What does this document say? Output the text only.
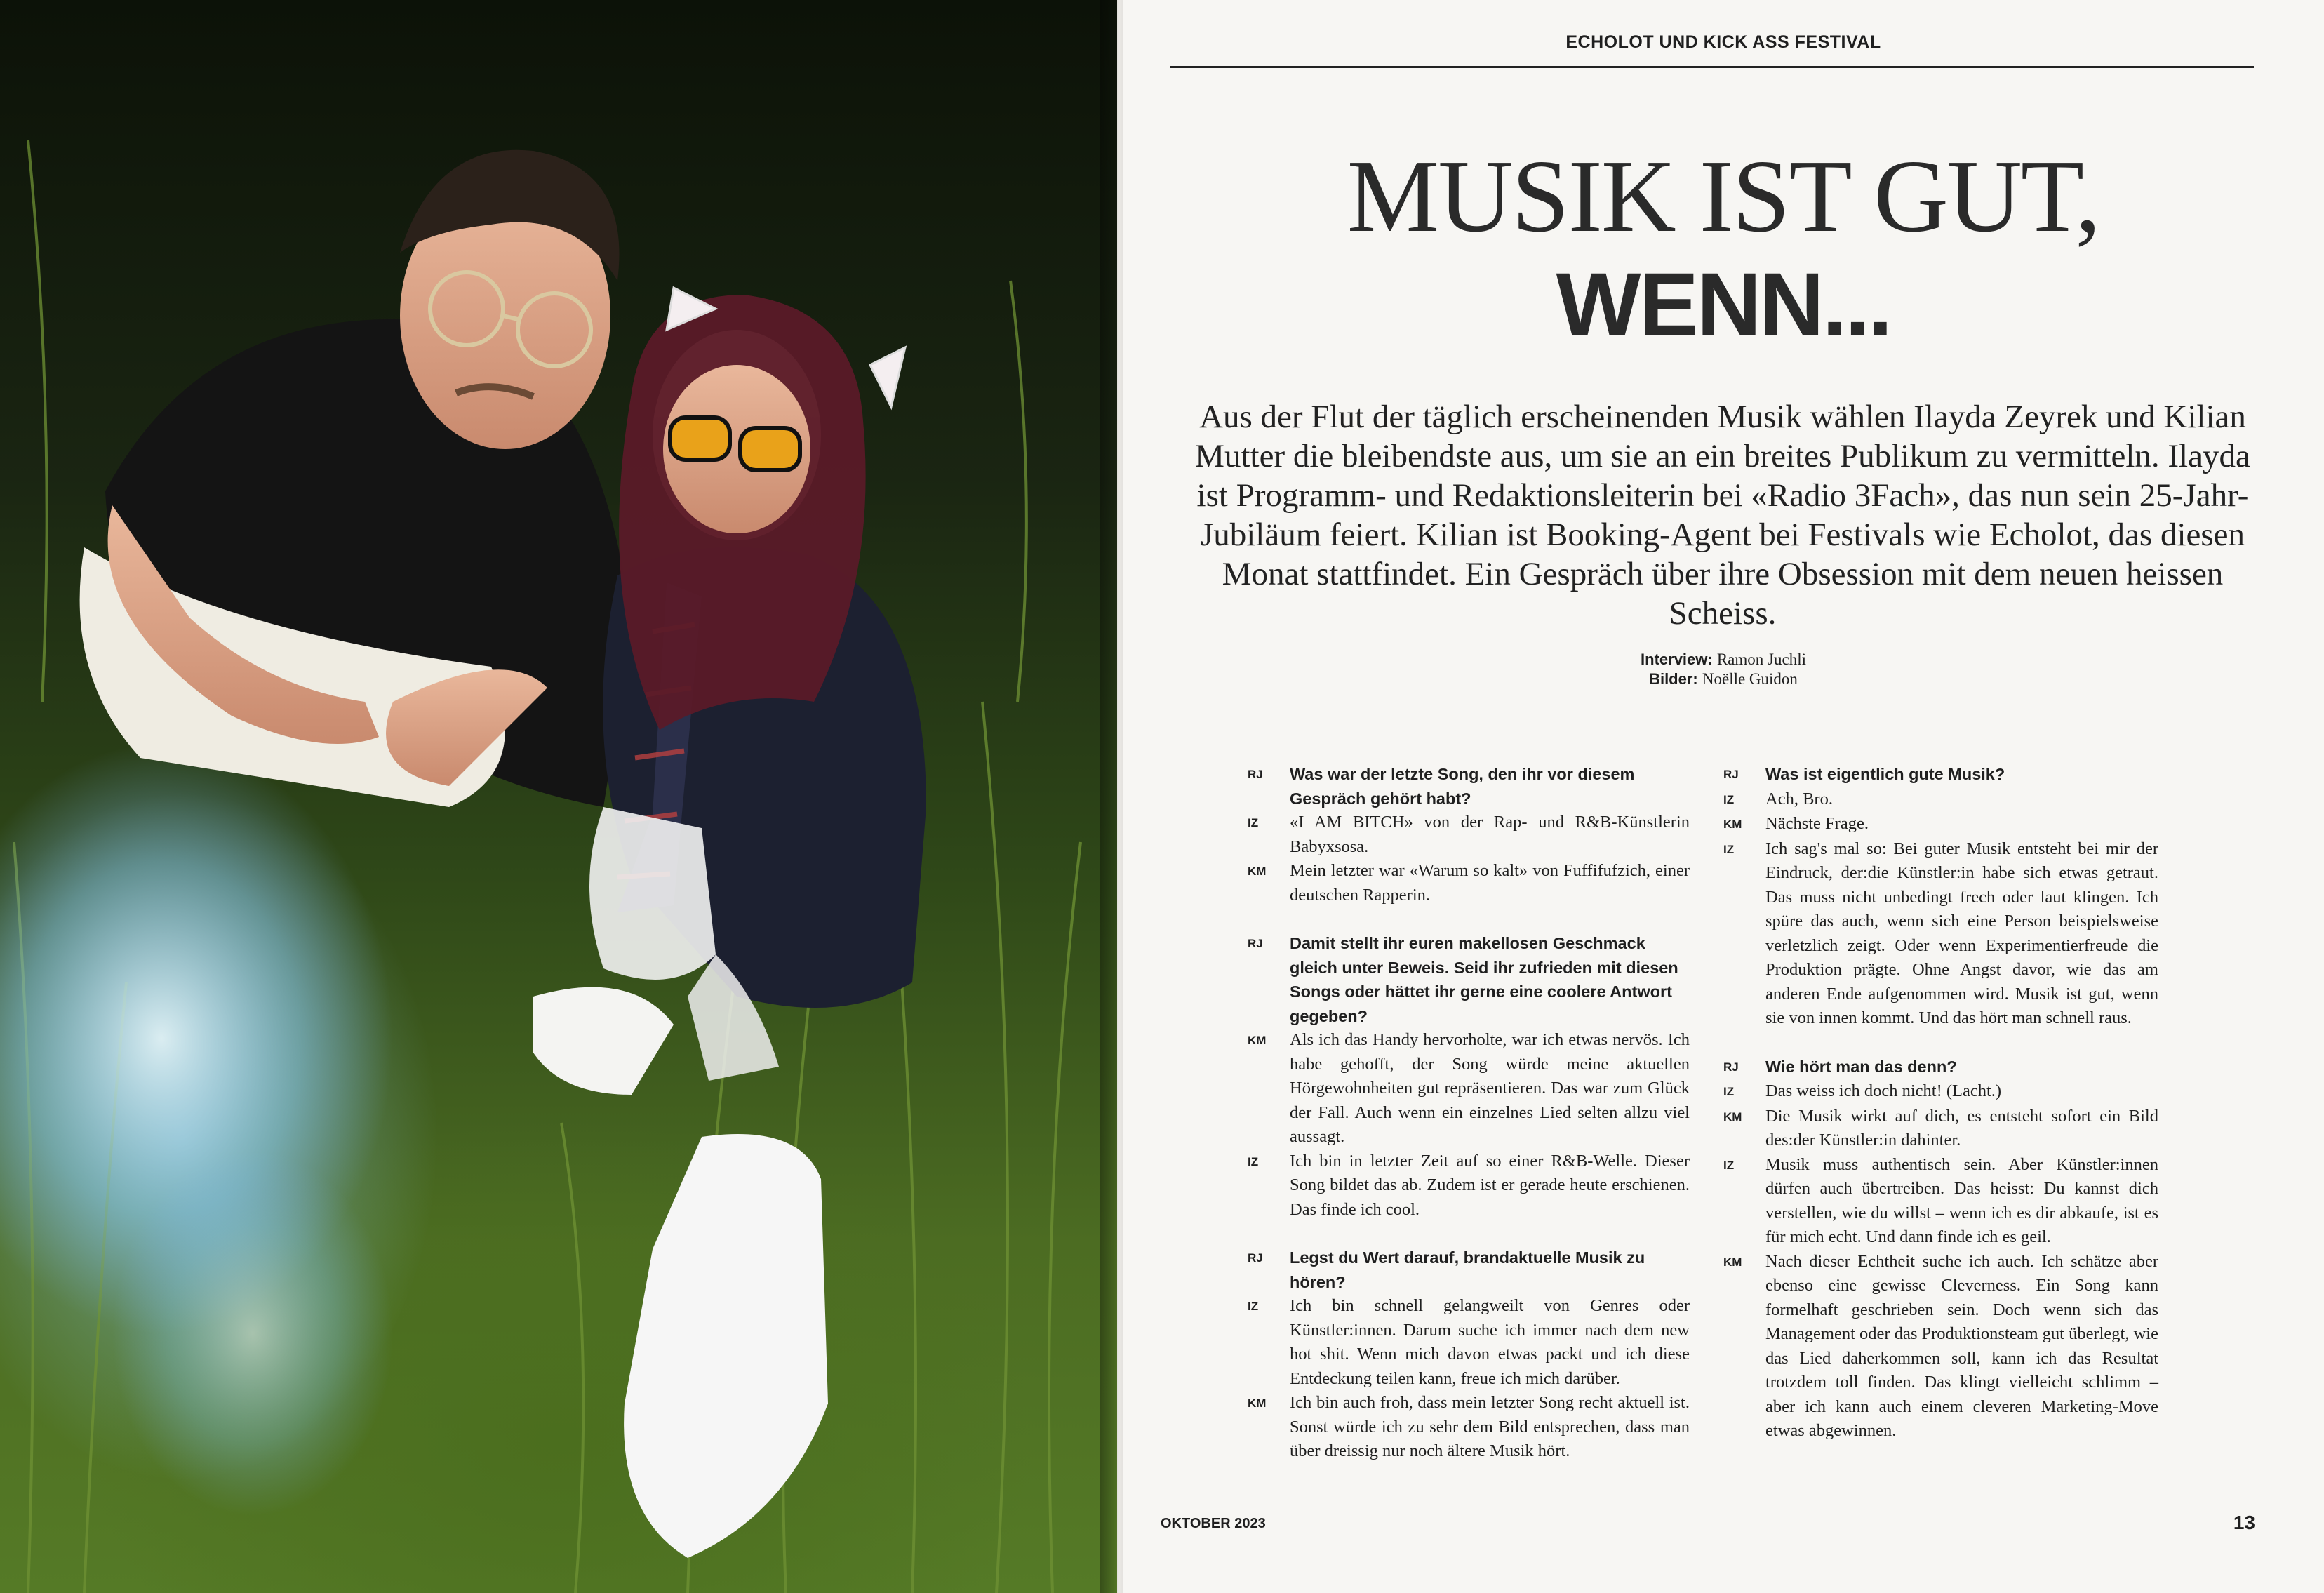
ECHOLOT UND KICK ASS FESTIVAL
MUSIK IST GUT,
WENN...

Aus der Flut der täglich erscheinenden Musik wählen Ilayda Zeyrek und Kilian Mutter die bleibendste aus, um sie an ein breites Publikum zu vermitteln. Ilayda ist Programm- und Redaktionsleiterin bei «Radio 3Fach», das nun sein 25-Jahr-Jubiläum feiert. Kilian ist Booking-Agent bei Festivals wie Echolot, das diesen Monat stattfindet. Ein Gespräch über ihre Obsession mit dem neuen heissen Scheiss.

Interview: Ramon Juchli
Bilder: Noëlle Guidon
RJ	Was war der letzte Song, den ihr vor diesem Gespräch gehört habt?
IZ	«I AM BITCH» von der Rap- und R&B-Künstlerin Babyxsosa.
KM	Mein letzter war «Warum so kalt» von Fuffifufzich, einer deutschen Rapperin.
RJ	Damit stellt ihr euren makellosen Geschmack gleich unter Beweis. Seid ihr zufrieden mit diesen Songs oder hättet ihr gerne eine coolere Antwort gegeben?
KM	Als ich das Handy hervorholte, war ich etwas nervös. Ich habe gehofft, der Song würde meine aktuellen Hörgewohnheiten gut repräsentieren. Das war zum Glück der Fall. Auch wenn ein einzelnes Lied selten allzu viel aussagt.
IZ	Ich bin in letzter Zeit auf so einer R&B-Welle. Dieser Song bildet das ab. Zudem ist er gerade heute erschienen. Das finde ich cool.
RJ	Legst du Wert darauf, brandaktuelle Musik zu hören?
IZ	Ich bin schnell gelangweilt von Genres oder Künstler:innen. Darum suche ich immer nach dem new hot shit. Wenn mich davon etwas packt und ich diese Entdeckung teilen kann, freue ich mich darüber.
KM	Ich bin auch froh, dass mein letzter Song recht aktuell ist. Sonst würde ich zu sehr dem Bild entsprechen, dass man über dreissig nur noch ältere Musik hört.
RJ	Was ist eigentlich gute Musik?
IZ	Ach, Bro.
KM	Nächste Frage.
IZ	Ich sag's mal so: Bei guter Musik entsteht bei mir der Eindruck, der:die Künstler:in habe sich etwas getraut. Das muss nicht unbedingt frech oder laut klingen. Ich spüre das auch, wenn sich eine Person beispielsweise verletzlich zeigt. Oder wenn Experimentierfreude die Produktion prägte. Ohne Angst davor, wie das am anderen Ende aufgenommen wird. Musik ist gut, wenn sie von innen kommt. Und das hört man schnell raus.
RJ	Wie hört man das denn?
IZ	Das weiss ich doch nicht! (Lacht.)
KM	Die Musik wirkt auf dich, es entsteht sofort ein Bild des:der Künstler:in dahinter.
IZ	Musik muss authentisch sein. Aber Künstler:innen dürfen auch übertreiben. Das heisst: Du kannst dich verstellen, wie du willst – wenn ich es dir abkaufe, ist es für mich echt. Und dann finde ich es geil.
KM	Nach dieser Echtheit suche ich auch. Ich schätze aber ebenso eine gewisse Cleverness. Ein Song kann formelhaft geschrieben sein. Doch wenn sich das Management oder das Produktionsteam gut überlegt, wie das Lied daherkommen soll, kann ich das Resultat trotzdem toll finden. Das klingt vielleicht schlimm – aber ich kann auch einem cleveren Marketing-Move etwas abgewinnen.
OKTOBER 2023	13
